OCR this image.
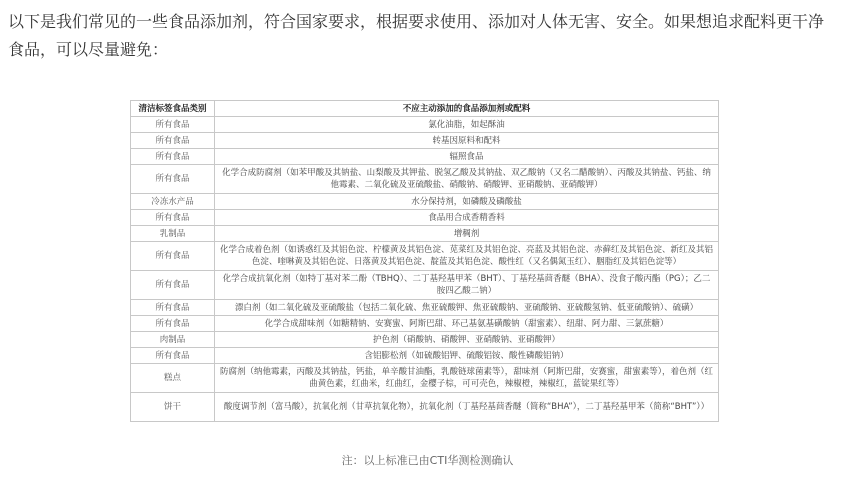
以下是我们常见的一些食品添加剂，符合国家要求，根据要求使用、添加对人体无害、安全。如果想追求配料更干净食品，可以尽量避免：

清洁标签食品类别	不应主动添加的食品添加剂或配料
所有食品	氯化油脂，如起酥油
所有食品	转基因原料和配料
所有食品	辐照食品
所有食品	化学合成防腐剂（如苯甲酸及其钠盐、山梨酸及其钾盐、脱氢乙酸及其钠盐、双乙酸钠（又名二醋酸钠）、丙酸及其钠盐、钙盐、纳他霉素、二氧化硫及亚硫酸盐、硝酸钠、硝酸钾、亚硝酸钠、亚硝酸钾）
冷冻水产品	水分保持剂，如磷酸及磷酸盐
所有食品	食品用合成香精香料
乳制品	增稠剂
所有食品	化学合成着色剂（如诱惑红及其铝色淀、柠檬黄及其铝色淀、苋菜红及其铝色淀、亮蓝及其铝色淀、赤藓红及其铝色淀、新红及其铝色淀、喹啉黄及其铝色淀、日落黄及其铝色淀、靛蓝及其铝色淀、酸性红（又名偶氮玉红）、胭脂红及其铝色淀等）
所有食品	化学合成抗氧化剂（如特丁基对苯二酚（TBHQ）、二丁基羟基甲苯（BHT）、丁基羟基茴香醚（BHA）、没食子酸丙酯（PG）；乙二胺四乙酸二钠）
所有食品	漂白剂（如二氧化硫及亚硫酸盐（包括二氧化硫、焦亚硫酸钾、焦亚硫酸钠、亚硫酸钠、亚硫酸氢钠、低亚硫酸钠）、硫磺）
所有食品	化学合成甜味剂（如糖精钠、安赛蜜、阿斯巴甜、环己基氨基磺酸钠（甜蜜素）、纽甜、阿力甜、三氯蔗糖）
肉制品	护色剂（硝酸钠、硝酸钾、亚硝酸钠、亚硝酸钾）
所有食品	含铝膨松剂（如硫酸铝钾、硫酸铝铵、酸性磷酸铝钠）
糕点	防腐剂（纳他霉素，丙酸及其钠盐，钙盐，单辛酸甘油酯，乳酸链球菌素等），甜味剂（阿斯巴甜，安赛蜜，甜蜜素等），着色剂（红曲黄色素，红曲米，红曲红，金樱子棕，可可壳色，辣椒橙，辣椒红，蓝锭果红等）
饼干	酸度调节剂（富马酸），抗氧化剂（甘草抗氧化物），抗氧化剂（丁基羟基茴香醚（简称“BHA”），二丁基羟基甲苯（简称“BHT”））
注：以上标准已由CTI华测检测确认
